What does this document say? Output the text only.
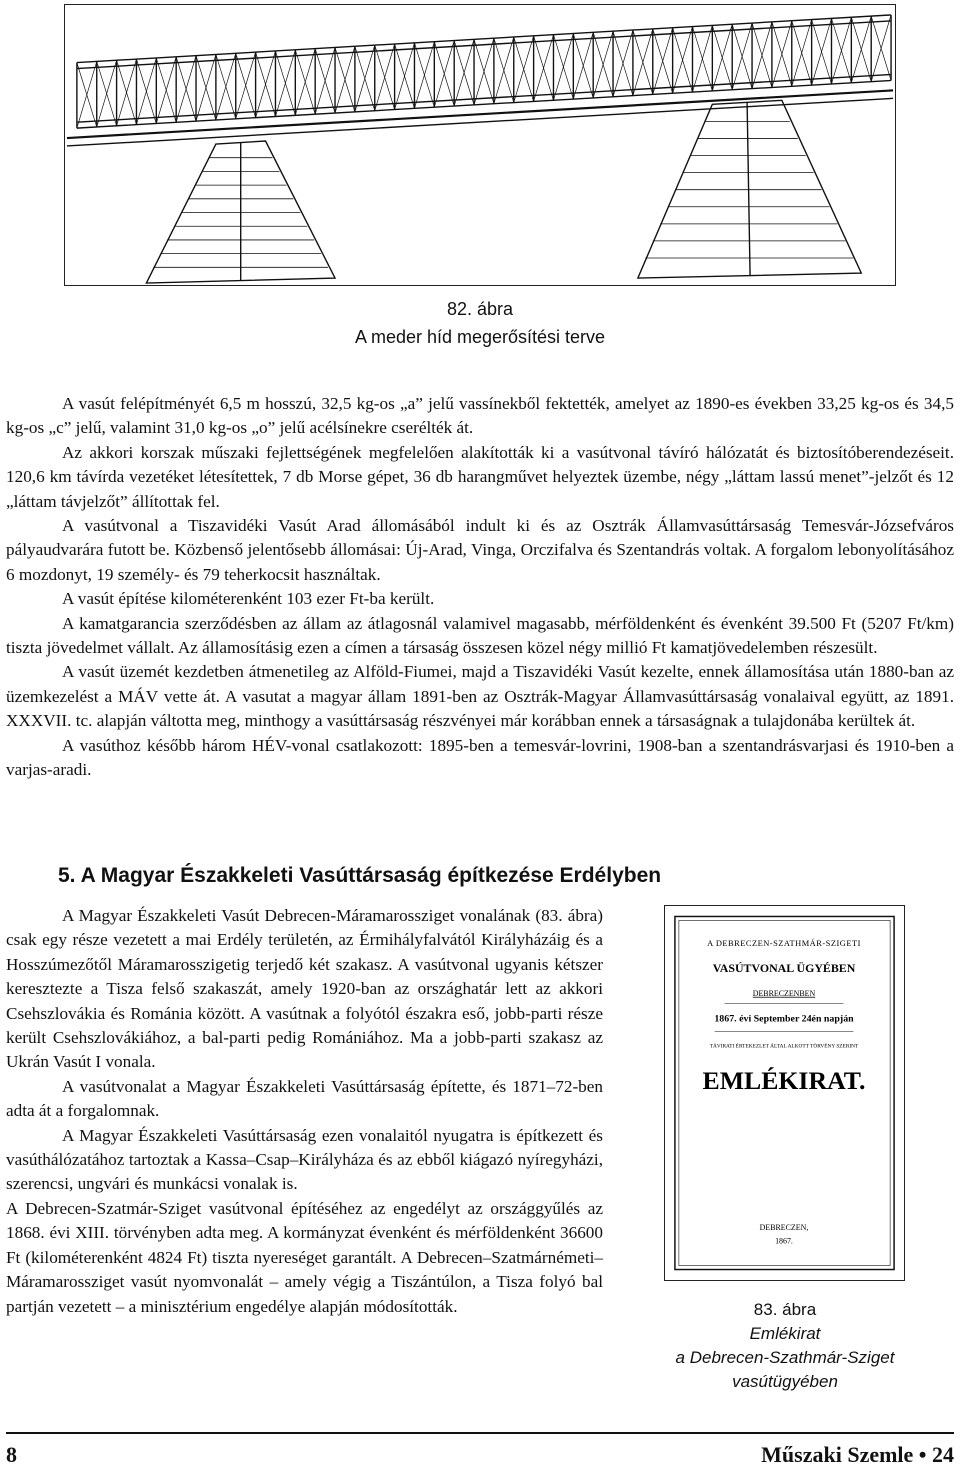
82. ábra
A meder híd megerősítési terve

A vasút felépítményét 6,5 m hosszú, 32,5 kg-os „a” jelű vassínekből fektették, amelyet az 1890-es években 33,25 kg-os és 34,5 kg-os „c” jelű, valamint 31,0 kg-os „o” jelű acélsínekre cserélték át.

Az akkori korszak műszaki fejlettségének megfelelően alakították ki a vasútvonal távíró hálózatát és biztosítóberendezéseit. 120,6 km távírda vezetéket létesítettek, 7 db Morse gépet, 36 db harangművet helyeztek üzembe, négy „láttam lassú menet”-jelzőt és 12 „láttam távjelzőt” állítottak fel.

A vasútvonal a Tiszavidéki Vasút Arad állomásából indult ki és az Osztrák Államvasúttársaság Temesvár-Józsefváros pályaudvarára futott be. Közbenső jelentősebb állomásai: Új-Arad, Vinga, Orczifalva és Szentandrás voltak. A forgalom lebonyolításához 6 mozdonyt, 19 személy- és 79 teherkocsit használtak.

A vasút építése kilométerenként 103 ezer Ft-ba került.

A kamatgarancia szerződésben az állam az átlagosnál valamivel magasabb, mérföldenként és évenként 39.500 Ft (5207 Ft/km) tiszta jövedelmet vállalt. Az államosításig ezen a címen a társaság összesen közel négy millió Ft kamatjövedelemben részesült.

A vasút üzemét kezdetben átmenetileg az Alföld-Fiumei, majd a Tiszavidéki Vasút kezelte, ennek államosítása után 1880-ban az üzemkezelést a MÁV vette át. A vasutat a magyar állam 1891-ben az Osztrák-Magyar Államvasúttársaság vonalaival együtt, az 1891. XXXVII. tc. alapján váltotta meg, minthogy a vasúttársaság részvényei már korábban ennek a társaságnak a tulajdonába kerültek át.

A vasúthoz később három HÉV-vonal csatlakozott: 1895-ben a temesvár-lovrini, 1908-ban a szentandrásvarjasi és 1910-ben a varjas-aradi.

5. A Magyar Északkeleti Vasúttársaság építkezése Erdélyben

A Magyar Északkeleti Vasút Debrecen-Máramarossziget vonalának (83. ábra) csak egy része vezetett a mai Erdély területén, az Érmihályfalvától Királyházáig és a Hosszúmezőtől Máramarosszigetig terjedő két szakasz. A vasútvonal ugyanis kétszer keresztezte a Tisza felső szakaszát, amely 1920-ban az országhatár lett az akkori Csehszlovákia és Románia között. A vasútnak a folyótól északra eső, jobb-parti része került Csehszlovákiához, a bal-parti pedig Romániához. Ma a jobb-parti szakasz az Ukrán Vasút I vonala.

A vasútvonalat a Magyar Északkeleti Vasúttársaság építette, és 1871–72-ben adta át a forgalomnak.

A Magyar Északkeleti Vasúttársaság ezen vonalaitól nyugatra is építkezett és vasúthálózatához tartoztak a Kassa–Csap–Királyháza és az ebből kiágazó nyíregyházi, szerencsi, ungvári és munkácsi vonalak is.

A Debrecen-Szatmár-Sziget vasútvonal építéséhez az engedélyt az országgyűlés az 1868. évi XIII. törvényben adta meg. A kormányzat évenként és mérföldenként 36600 Ft (kilométerenként 4824 Ft) tiszta nyereséget garantált. A Debrecen–Szatmárnémeti–Máramarossziget vasút nyomvonalát – amely végig a Tiszántúlon, a Tisza folyó bal partján vezetett – a minisztérium engedélye alapján módosították.

A DEBRECZEN-SZATHMÁR-SZIGETI
VASÚTVONAL ÜGYÉBEN
DEBRECZENBEN
1867. évi September 24én napján
TÁVIRATI ÉRTEKEZLET ÁLTAL ALKOTT TÖRVÉNY SZERINT
EMLÉKIRAT.
DEBRECZEN,
1867.
83. ábra
Emlékirat
a Debrecen-Szathmár-Sziget
vasútügyében
8	Műszaki Szemle • 24
